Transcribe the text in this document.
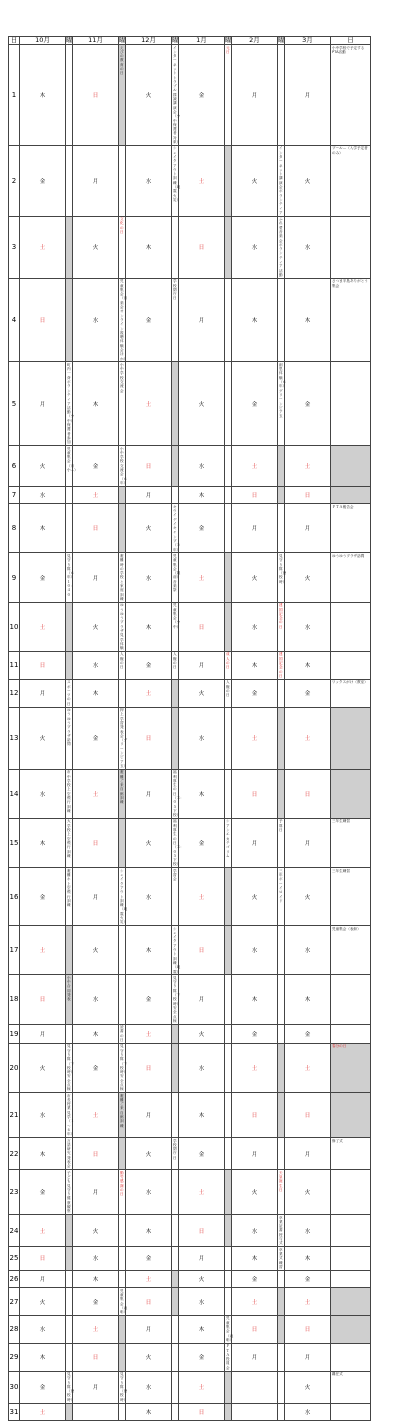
日	10月	曜	11月	曜	12月	曜	1月	曜	2月	曜	3月	日
1	木		日	えびの教育の日	火	インターネットトラブル撲滅講演会（小中・保護者対象）	金	元日	月		月	小中学校で予定するPTA活動
2	金		月		水	シェイクアウト訓練（地震・火災）	土		火	インターネット講演会・ボランティア	火	プール…（入学予定者のみ）
3	土		火	文化の日	木		日		水	ふれ愛音楽会・ボランティア活動	水	
4	日		水	児童集会（音楽会・オンライン視聴体験会ほか）	金	学校閉庁日	月		木		木	さつま半島ありがとう集会
5	月	町内一斉ボランティア活動（小中）保護者参加	木	小中学校交流会	土		火		金	創思体験（６年）グリーンピア玉	金	
6	火	児童集会（市小…）	金	小中学校交流会（６年）	日		水		土		土	
7	水		土		月		木		日		日	
8	木		日		火	キウイ・デイキャンプ（５年）	金		月		月	ＰＴＡ報告会
9	金	見守り隊（６年）１０：４０	月	避難時の学校と家庭訓練	水	児童集会（歳前）音楽祭	土		火	見守り隊（登校時）	火	ゆうゆうプラザ訪問
10	土		火	ゆうゆうプラザ・見学体験	木	児童集会（小中）	日		水	建国記念の日	水	
11	日		水	人権の日	金	人権の日	月	成人の日	木	建国記念の日	木	
12	月	スポーツの日	木		土		火	人権の日	金		金	ワックスがけ（教室）
13	火	ゆうゆうプラザ訪問	金	押上学習発表会（グリーンピア玉）	日		水		土		土	
14	水	市中学校上空飛行訓練	土	避難ご来自館訓練	月	福利厚生の日（３：０５下校）	木		日		日	
15	木	大学校上空飛行訓練	日		火	福利厚生の日（３：０５下校）	金	シアンエカテゴリム	月	予算日	月	三年生練習
16	金	避難ホ上空飛行訓練	月	シェイクアウト訓練（地震・火災）	水	学習会	土		火	三年ボーイロイド	火	三年生練習
17	土		火		木	シェイクアウト訓練（地震）	日		水		水	児童集会（表彰）
18	日	小中合同発表	水		金	見守り隊（下校時）安全点検	月		木		木	
19	月		木	読書の日	土		火		金		金	
20	火	見守り隊（下校時）安全点検	金	見守り隊（下校時）安全点検	日		水		土		土	春分の日
21	水	市長授業見学（１～６年）	土	避難ご来自館訓練	月		木		日		日	
22	木	言語研究発表会	日		火	学校閉庁日	金		月		月	修了式
23	金	子ども見守り健康観察	月	勤労感謝の日	水		土		火	天皇誕生日	火	
24	土		火		木		日		水	卒業証書授与式	水	
25	日		水		金		月		木	卒業式練習	木	
26	月		木		土		火		金		金	
27	火		金	児童集会（表彰）	日		水		土		土	
28	水		土		月		木	児童集会（表彰）	日		日	
29	木		日		火		金	ＰＴＡ役員会	月		月	
30	金	見守り隊（登校時）	月	見守り隊（登校時）	水		土				火	離任式
31	土				木		日				水	
